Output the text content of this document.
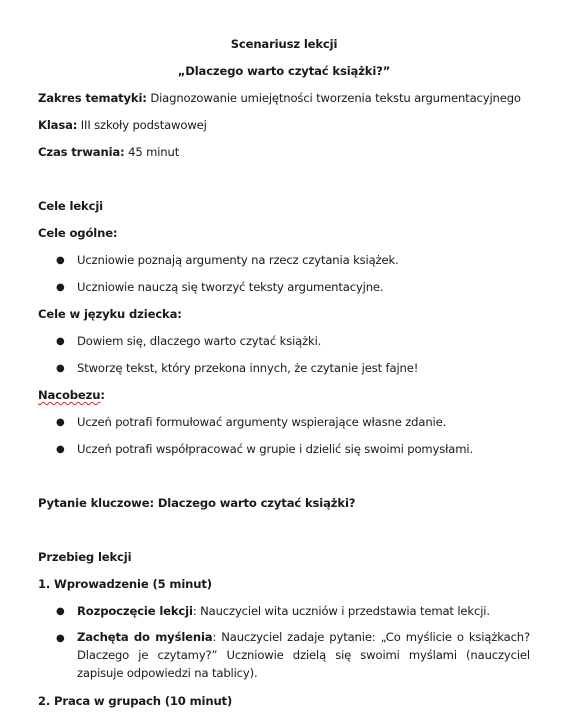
Scenariusz lekcji
„Dlaczego warto czytać książki?”
Zakres tematyki: Diagnozowanie umiejętności tworzenia tekstu argumentacyjnego
Klasa: III szkoły podstawowej
Czas trwania: 45 minut
Cele lekcji
Cele ogólne:
● Uczniowie poznają argumenty na rzecz czytania książek.
● Uczniowie nauczą się tworzyć teksty argumentacyjne.
Cele w języku dziecka:
● Dowiem się, dlaczego warto czytać książki.
● Stworzę tekst, który przekona innych, że czytanie jest fajne!
Nacobezu:
● Uczeń potrafi formułować argumenty wspierające własne zdanie.
● Uczeń potrafi współpracować w grupie i dzielić się swoimi pomysłami.
Pytanie kluczowe: Dlaczego warto czytać książki?
Przebieg lekcji
1. Wprowadzenie (5 minut)
● Rozpoczęcie lekcji: Nauczyciel wita uczniów i przedstawia temat lekcji.
● Zachęta do myślenia: Nauczyciel zadaje pytanie: „Co myślicie o książkach? Dlaczego je czytamy?” Uczniowie dzielą się swoimi myślami (nauczyciel zapisuje odpowiedzi na tablicy).
2. Praca w grupach (10 minut)
